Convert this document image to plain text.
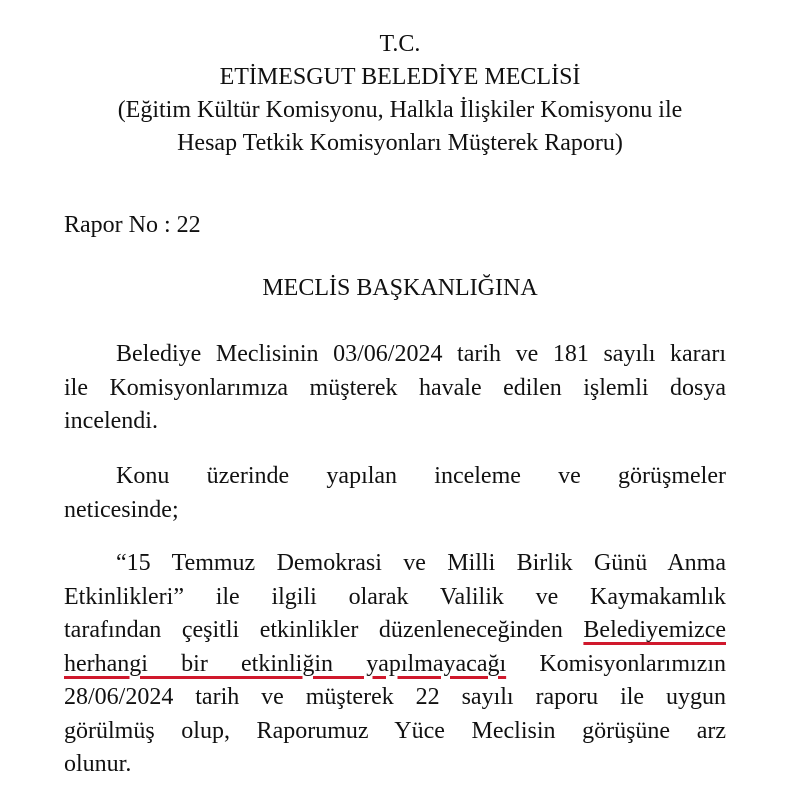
T.C.
ETİMESGUT BELEDİYE MECLİSİ
(Eğitim Kültür Komisyonu, Halkla İlişkiler Komisyonu ile
Hesap Tetkik Komisyonları Müşterek Raporu)
Rapor No : 22
MECLİS BAŞKANLIĞINA
Belediye Meclisinin 03/06/2024 tarih ve 181 sayılı kararı
ile Komisyonlarımıza müşterek havale edilen işlemli dosya
incelendi.
Konu üzerinde yapılan inceleme ve görüşmeler
neticesinde;
“15 Temmuz Demokrasi ve Milli Birlik Günü Anma
Etkinlikleri” ile ilgili olarak Valilik ve Kaymakamlık
tarafından çeşitli etkinlikler düzenleneceğinden Belediyemizce
herhangi bir etkinliğin yapılmayacağı Komisyonlarımızın
28/06/2024 tarih ve müşterek 22 sayılı raporu ile uygun
görülmüş olup, Raporumuz Yüce Meclisin görüşüne arz
olunur.
